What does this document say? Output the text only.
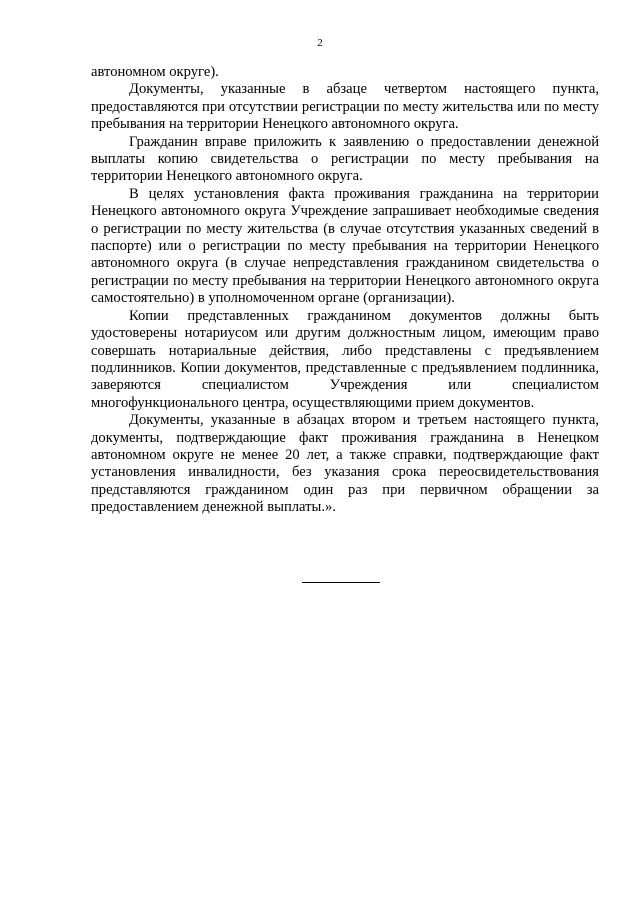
2

автономном округе).

Документы, указанные в абзаце четвертом настоящего пункта, предоставляются при отсутствии регистрации по месту жительства или по месту пребывания на территории Ненецкого автономного округа.

Гражданин вправе приложить к заявлению о предоставлении денежной выплаты копию свидетельства о регистрации по месту пребывания на территории Ненецкого автономного округа.

В целях установления факта проживания гражданина на территории Ненецкого автономного округа Учреждение запрашивает необходимые сведения о регистрации по месту жительства (в случае отсутствия указанных сведений в паспорте) или о регистрации по месту пребывания на территории Ненецкого автономного округа (в случае непредставления гражданином свидетельства о регистрации по месту пребывания на территории Ненецкого автономного округа самостоятельно) в уполномоченном органе (организации).

Копии представленных гражданином документов должны быть удостоверены нотариусом или другим должностным лицом, имеющим право совершать нотариальные действия, либо представлены с предъявлением подлинников. Копии документов, представленные с предъявлением подлинника, заверяются специалистом Учреждения или специалистом многофункционального центра, осуществляющими прием документов.

Документы, указанные в абзацах втором и третьем настоящего пункта, документы, подтверждающие факт проживания гражданина в Ненецком автономном округе не менее 20 лет, а также справки, подтверждающие факт установления инвалидности, без указания срока переосвидетельствования представляются гражданином один раз при первичном обращении за предоставлением денежной выплаты.».
